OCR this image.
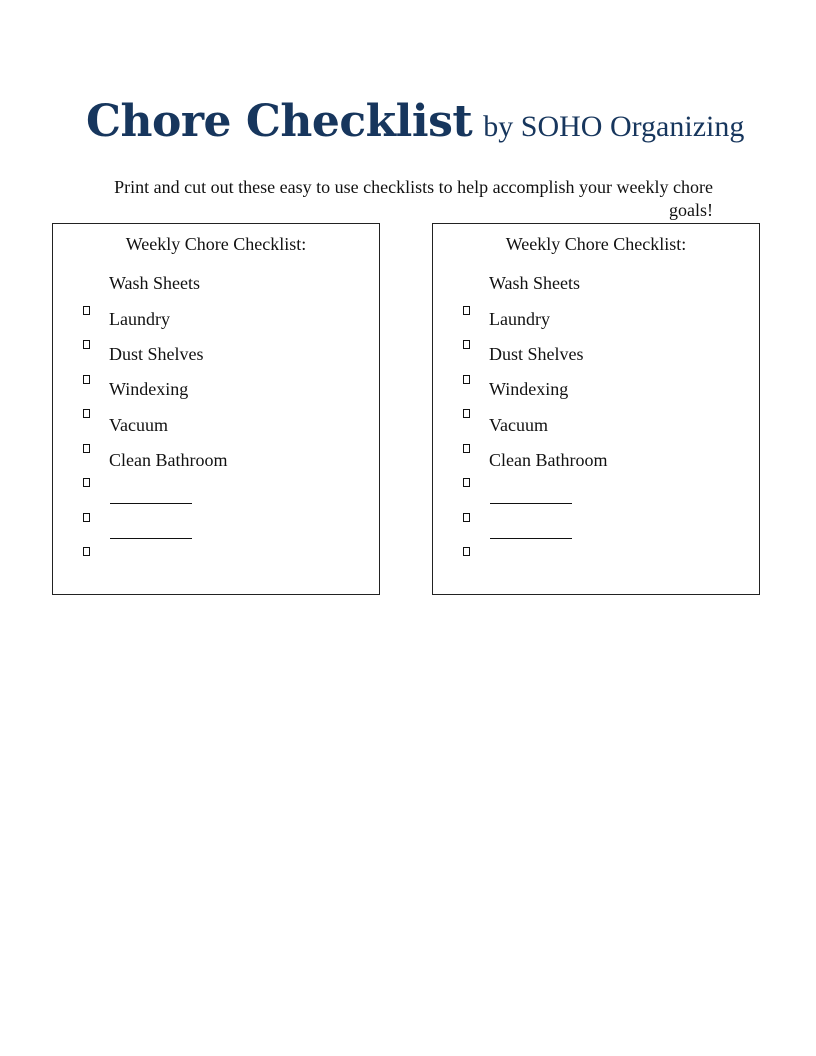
Chore Checklist by SOHO Organizing
Print and cut out these easy to use checklists to help accomplish your weekly chore goals!
Weekly Chore Checklist:
Wash Sheets
Laundry
Dust Shelves
Windexing
Vacuum
Clean Bathroom
Weekly Chore Checklist:
Wash Sheets
Laundry
Dust Shelves
Windexing
Vacuum
Clean Bathroom
